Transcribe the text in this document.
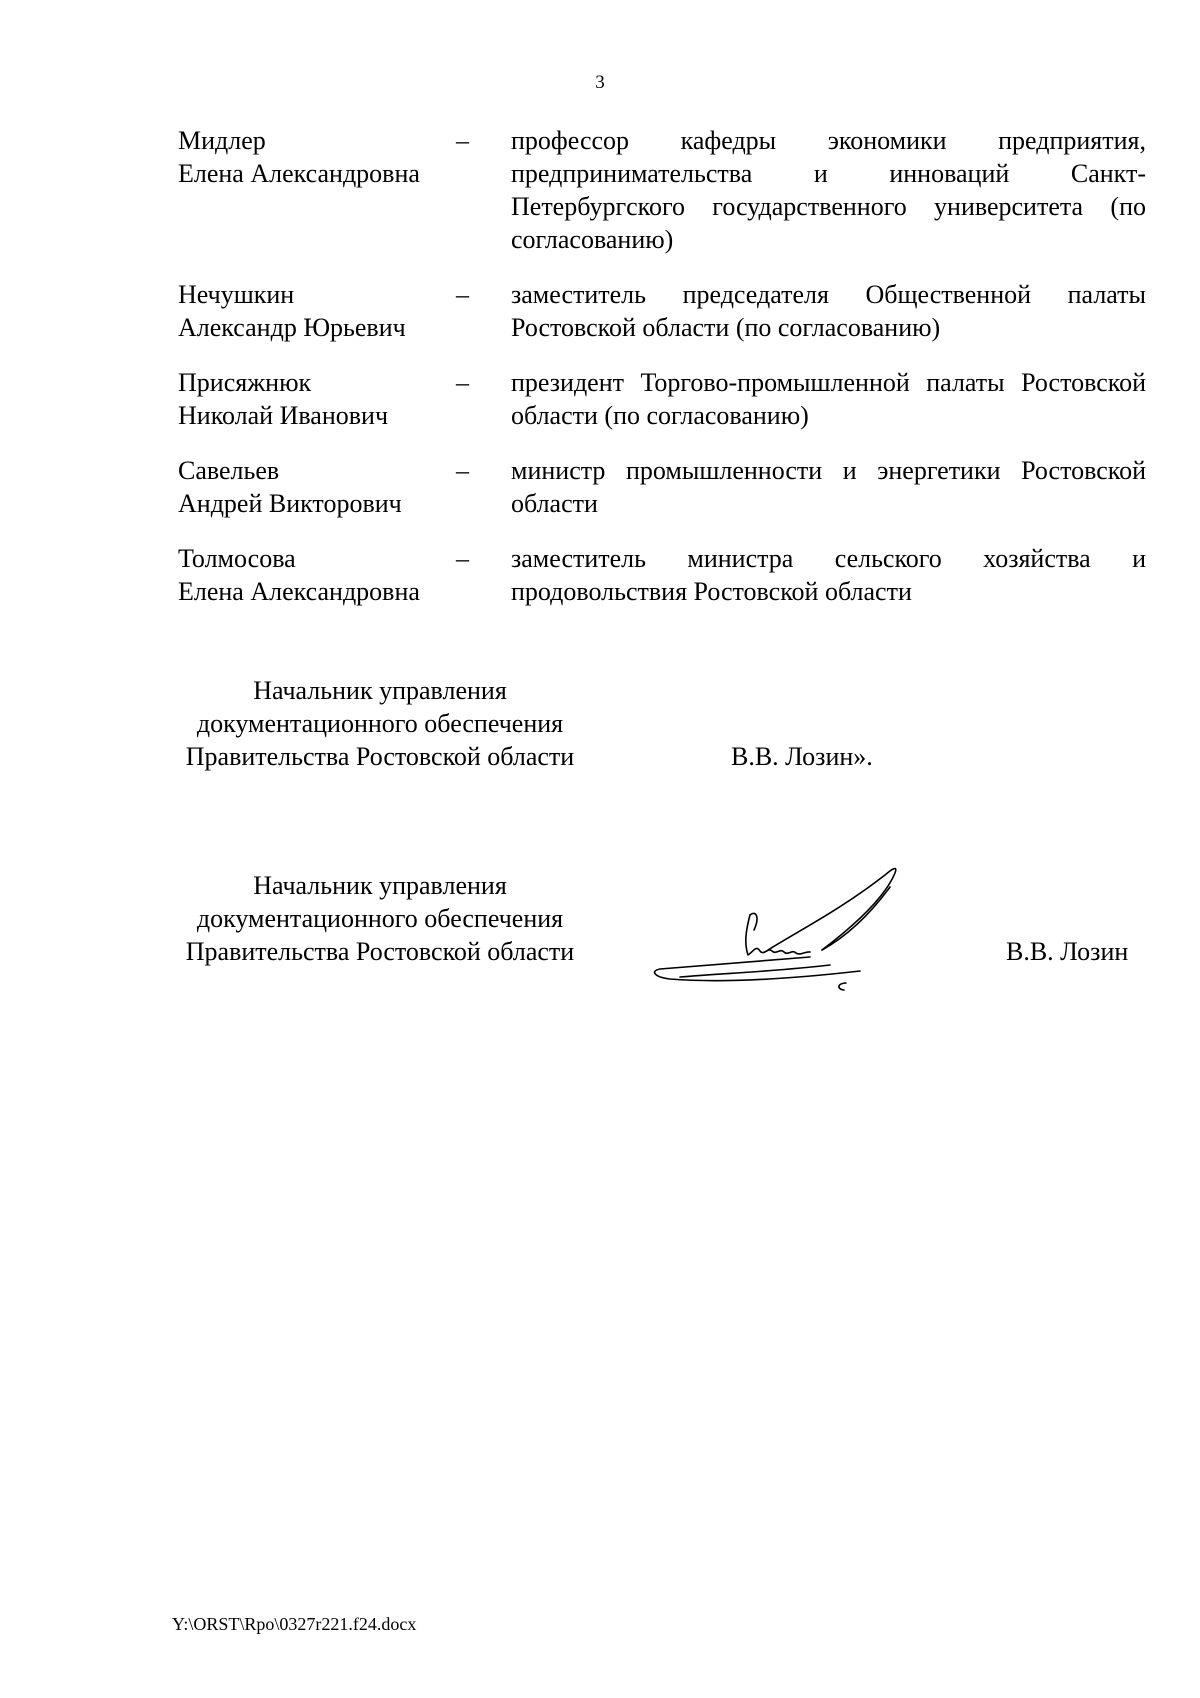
3
Мидлер
Елена Александровна
–	профессор кафедры экономики предприятия, предпринимательства и инноваций Санкт-Петербургского государственного университета (по согласованию)
Нечушкин
Александр Юрьевич
–	заместитель председателя Общественной палаты Ростовской области (по согласованию)
Присяжнюк
Николай Иванович
–	президент Торгово-промышленной палаты Ростовской области (по согласованию)
Савельев
Андрей Викторович
–	министр промышленности и энергетики Ростовской области
Толмосова
Елена Александровна
–	заместитель министра сельского хозяйства и продовольствия Ростовской области
Начальник управления
документационного обеспечения
Правительства Ростовской области	В.В. Лозин».
Начальник управления
документационного обеспечения
Правительства Ростовской области	В.В. Лозин
Y:\ORST\Rpo\0327r221.f24.docx
